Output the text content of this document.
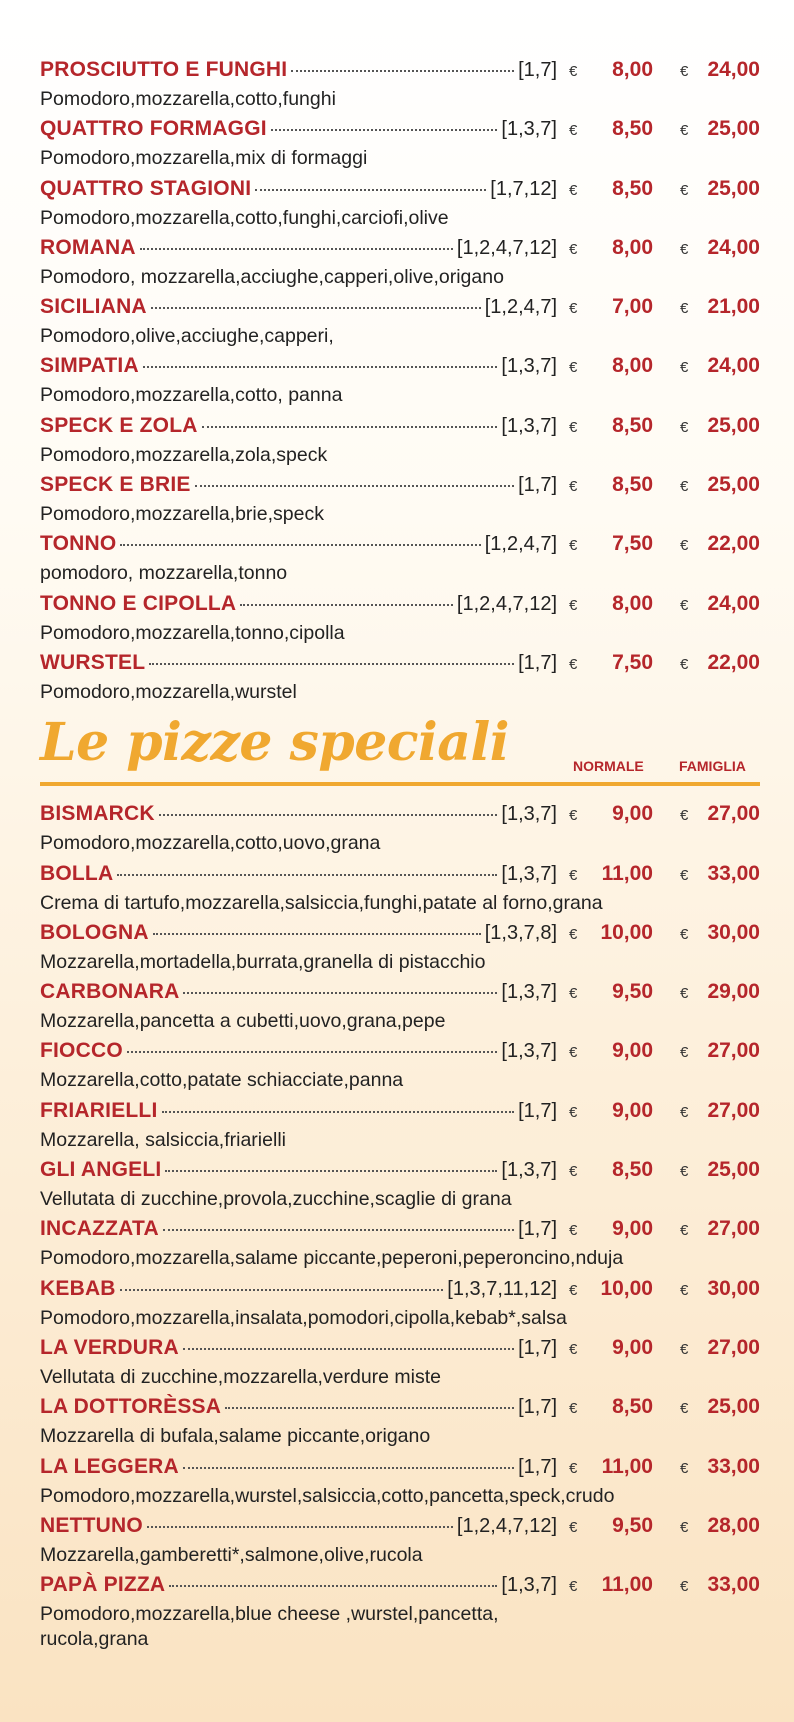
PROSCIUTTO E FUNGHI	[1,7] € 8,00 € 24,00
Pomodoro,mozzarella,cotto,funghi
QUATTRO FORMAGGI	[1,3,7] € 8,50 € 25,00
Pomodoro,mozzarella,mix di formaggi
QUATTRO STAGIONI	[1,7,12] € 8,50 € 25,00
Pomodoro,mozzarella,cotto,funghi,carciofi,olive
ROMANA	[1,2,4,7,12] € 8,00 € 24,00
Pomodoro, mozzarella,acciughe,capperi,olive,origano
SICILIANA	[1,2,4,7] € 7,00 € 21,00
Pomodoro,olive,acciughe,capperi,
SIMPATIA	[1,3,7] € 8,00 € 24,00
Pomodoro,mozzarella,cotto, panna
SPECK E ZOLA	[1,3,7] € 8,50 € 25,00
Pomodoro,mozzarella,zola,speck
SPECK E BRIE	[1,7] € 8,50 € 25,00
Pomodoro,mozzarella,brie,speck
TONNO	[1,2,4,7] € 7,50 € 22,00
pomodoro, mozzarella,tonno
TONNO E CIPOLLA	[1,2,4,7,12] € 8,00 € 24,00
Pomodoro,mozzarella,tonno,cipolla
WURSTEL	[1,7] € 7,50 € 22,00
Pomodoro,mozzarella,wurstel
Le pizze speciali	NORMALE	FAMIGLIA
BISMARCK	[1,3,7] € 9,00 € 27,00
Pomodoro,mozzarella,cotto,uovo,grana
BOLLA	[1,3,7] € 11,00 € 33,00
Crema di tartufo,mozzarella,salsiccia,funghi,patate al forno,grana
BOLOGNA	[1,3,7,8] € 10,00 € 30,00
Mozzarella,mortadella,burrata,granella di pistacchio
CARBONARA	[1,3,7] € 9,50 € 29,00
Mozzarella,pancetta a cubetti,uovo,grana,pepe
FIOCCO	[1,3,7] € 9,00 € 27,00
Mozzarella,cotto,patate schiacciate,panna
FRIARIELLI	[1,7] € 9,00 € 27,00
Mozzarella, salsiccia,friarielli
GLI ANGELI	[1,3,7] € 8,50 € 25,00
Vellutata di zucchine,provola,zucchine,scaglie di grana
INCAZZATA	[1,7] € 9,00 € 27,00
Pomodoro,mozzarella,salame piccante,peperoni,peperoncino,nduja
KEBAB	[1,3,7,11,12] € 10,00 € 30,00
Pomodoro,mozzarella,insalata,pomodori,cipolla,kebab*,salsa
LA VERDURA	[1,7] € 9,00 € 27,00
Vellutata di zucchine,mozzarella,verdure miste
LA DOTTORÈSSA	[1,7] € 8,50 € 25,00
Mozzarella di bufala,salame piccante,origano
LA LEGGERA	[1,7] € 11,00 € 33,00
Pomodoro,mozzarella,wurstel,salsiccia,cotto,pancetta,speck,crudo
NETTUNO	[1,2,4,7,12] € 9,50 € 28,00
Mozzarella,gamberetti*,salmone,olive,rucola
PAPÀ PIZZA	[1,3,7] € 11,00 € 33,00
Pomodoro,mozzarella,blue cheese ,wurstel,pancetta,
rucola,grana
